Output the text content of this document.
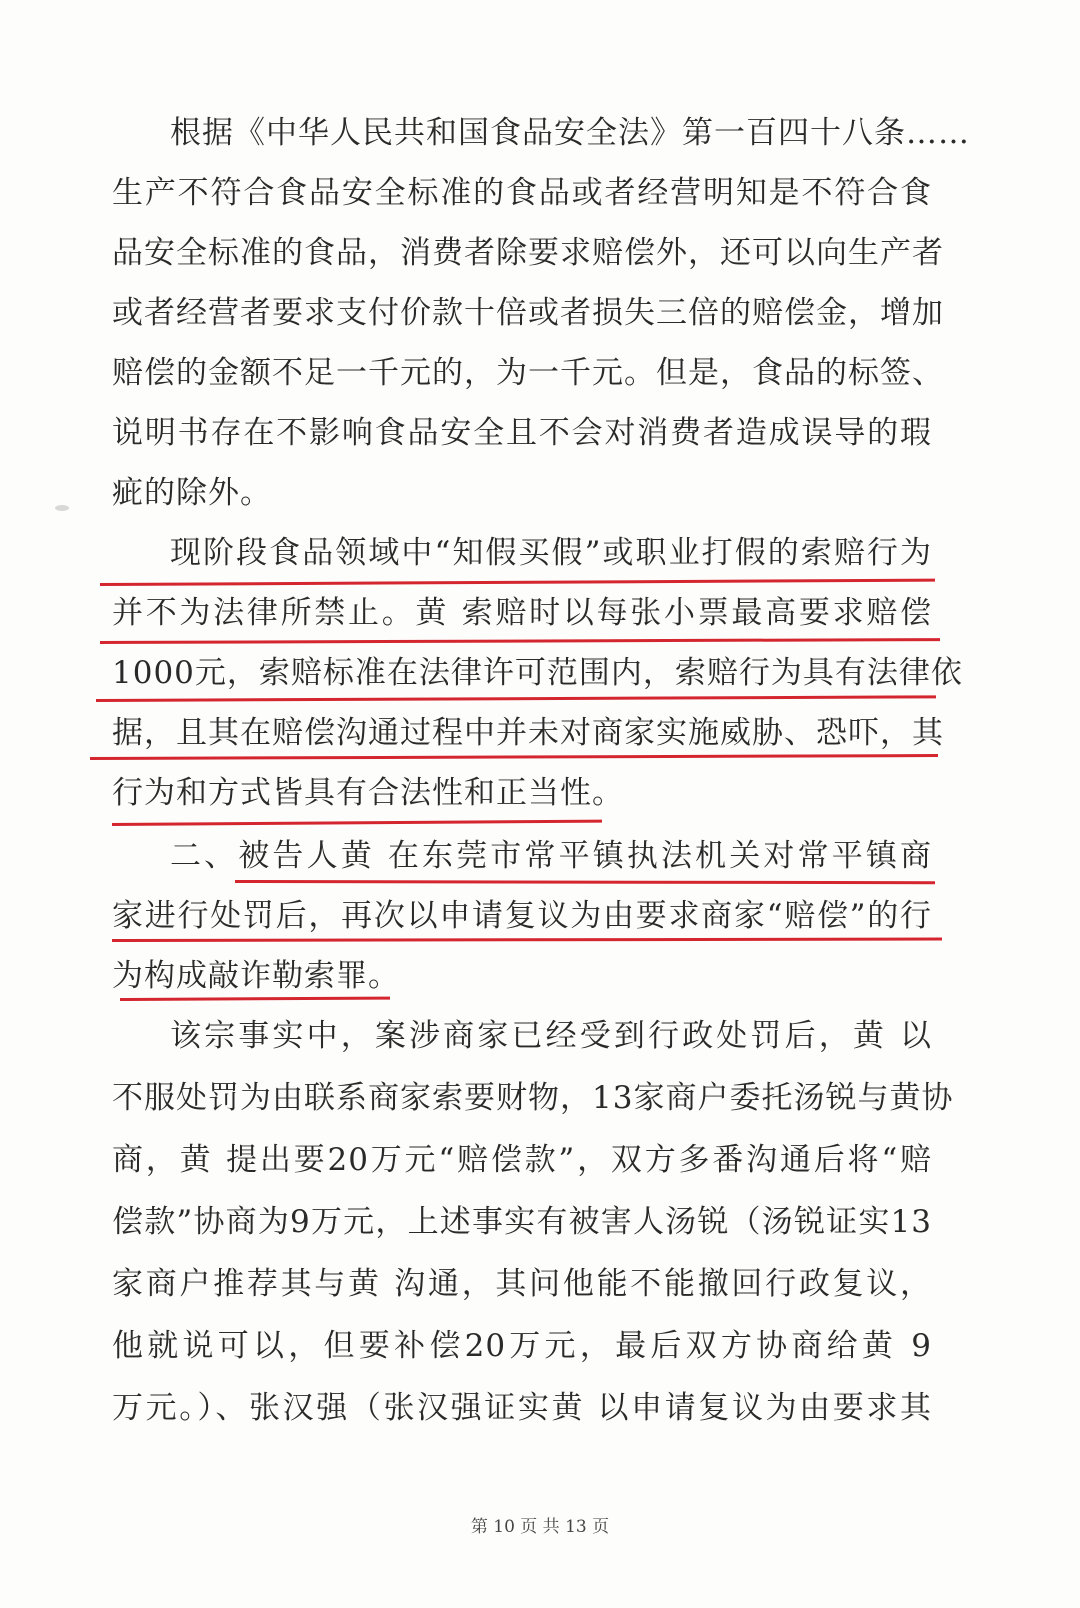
根据《中华人民共和国食品安全法》第一百四十八条……
生产不符合食品安全标准的食品或者经营明知是不符合食
品安全标准的食品，消费者除要求赔偿外，还可以向生产者
或者经营者要求支付价款十倍或者损失三倍的赔偿金，增加
赔偿的金额不足一千元的，为一千元。但是，食品的标签、
说明书存在不影响食品安全且不会对消费者造成误导的瑕
疵的除外。
现阶段食品领域中“知假买假”或职业打假的索赔行为
并不为法律所禁止。黄 索赔时以每张小票最高要求赔偿
1000元，索赔标准在法律许可范围内，索赔行为具有法律依
据，且其在赔偿沟通过程中并未对商家实施威胁、恐吓，其
行为和方式皆具有合法性和正当性。
二、被告人黄 在东莞市常平镇执法机关对常平镇商
家进行处罚后，再次以申请复议为由要求商家“赔偿”的行
为构成敲诈勒索罪。
该宗事实中，案涉商家已经受到行政处罚后，黄 以
不服处罚为由联系商家索要财物，13家商户委托汤锐与黄协
商，黄 提出要20万元“赔偿款”，双方多番沟通后将“赔
偿款”协商为9万元，上述事实有被害人汤锐（汤锐证实13
家商户推荐其与黄 沟通，其问他能不能撤回行政复议，
他就说可以，但要补偿20万元，最后双方协商给黄 9
万元。）、张汉强（张汉强证实黄 以申请复议为由要求其
第 10 页 共 13 页
